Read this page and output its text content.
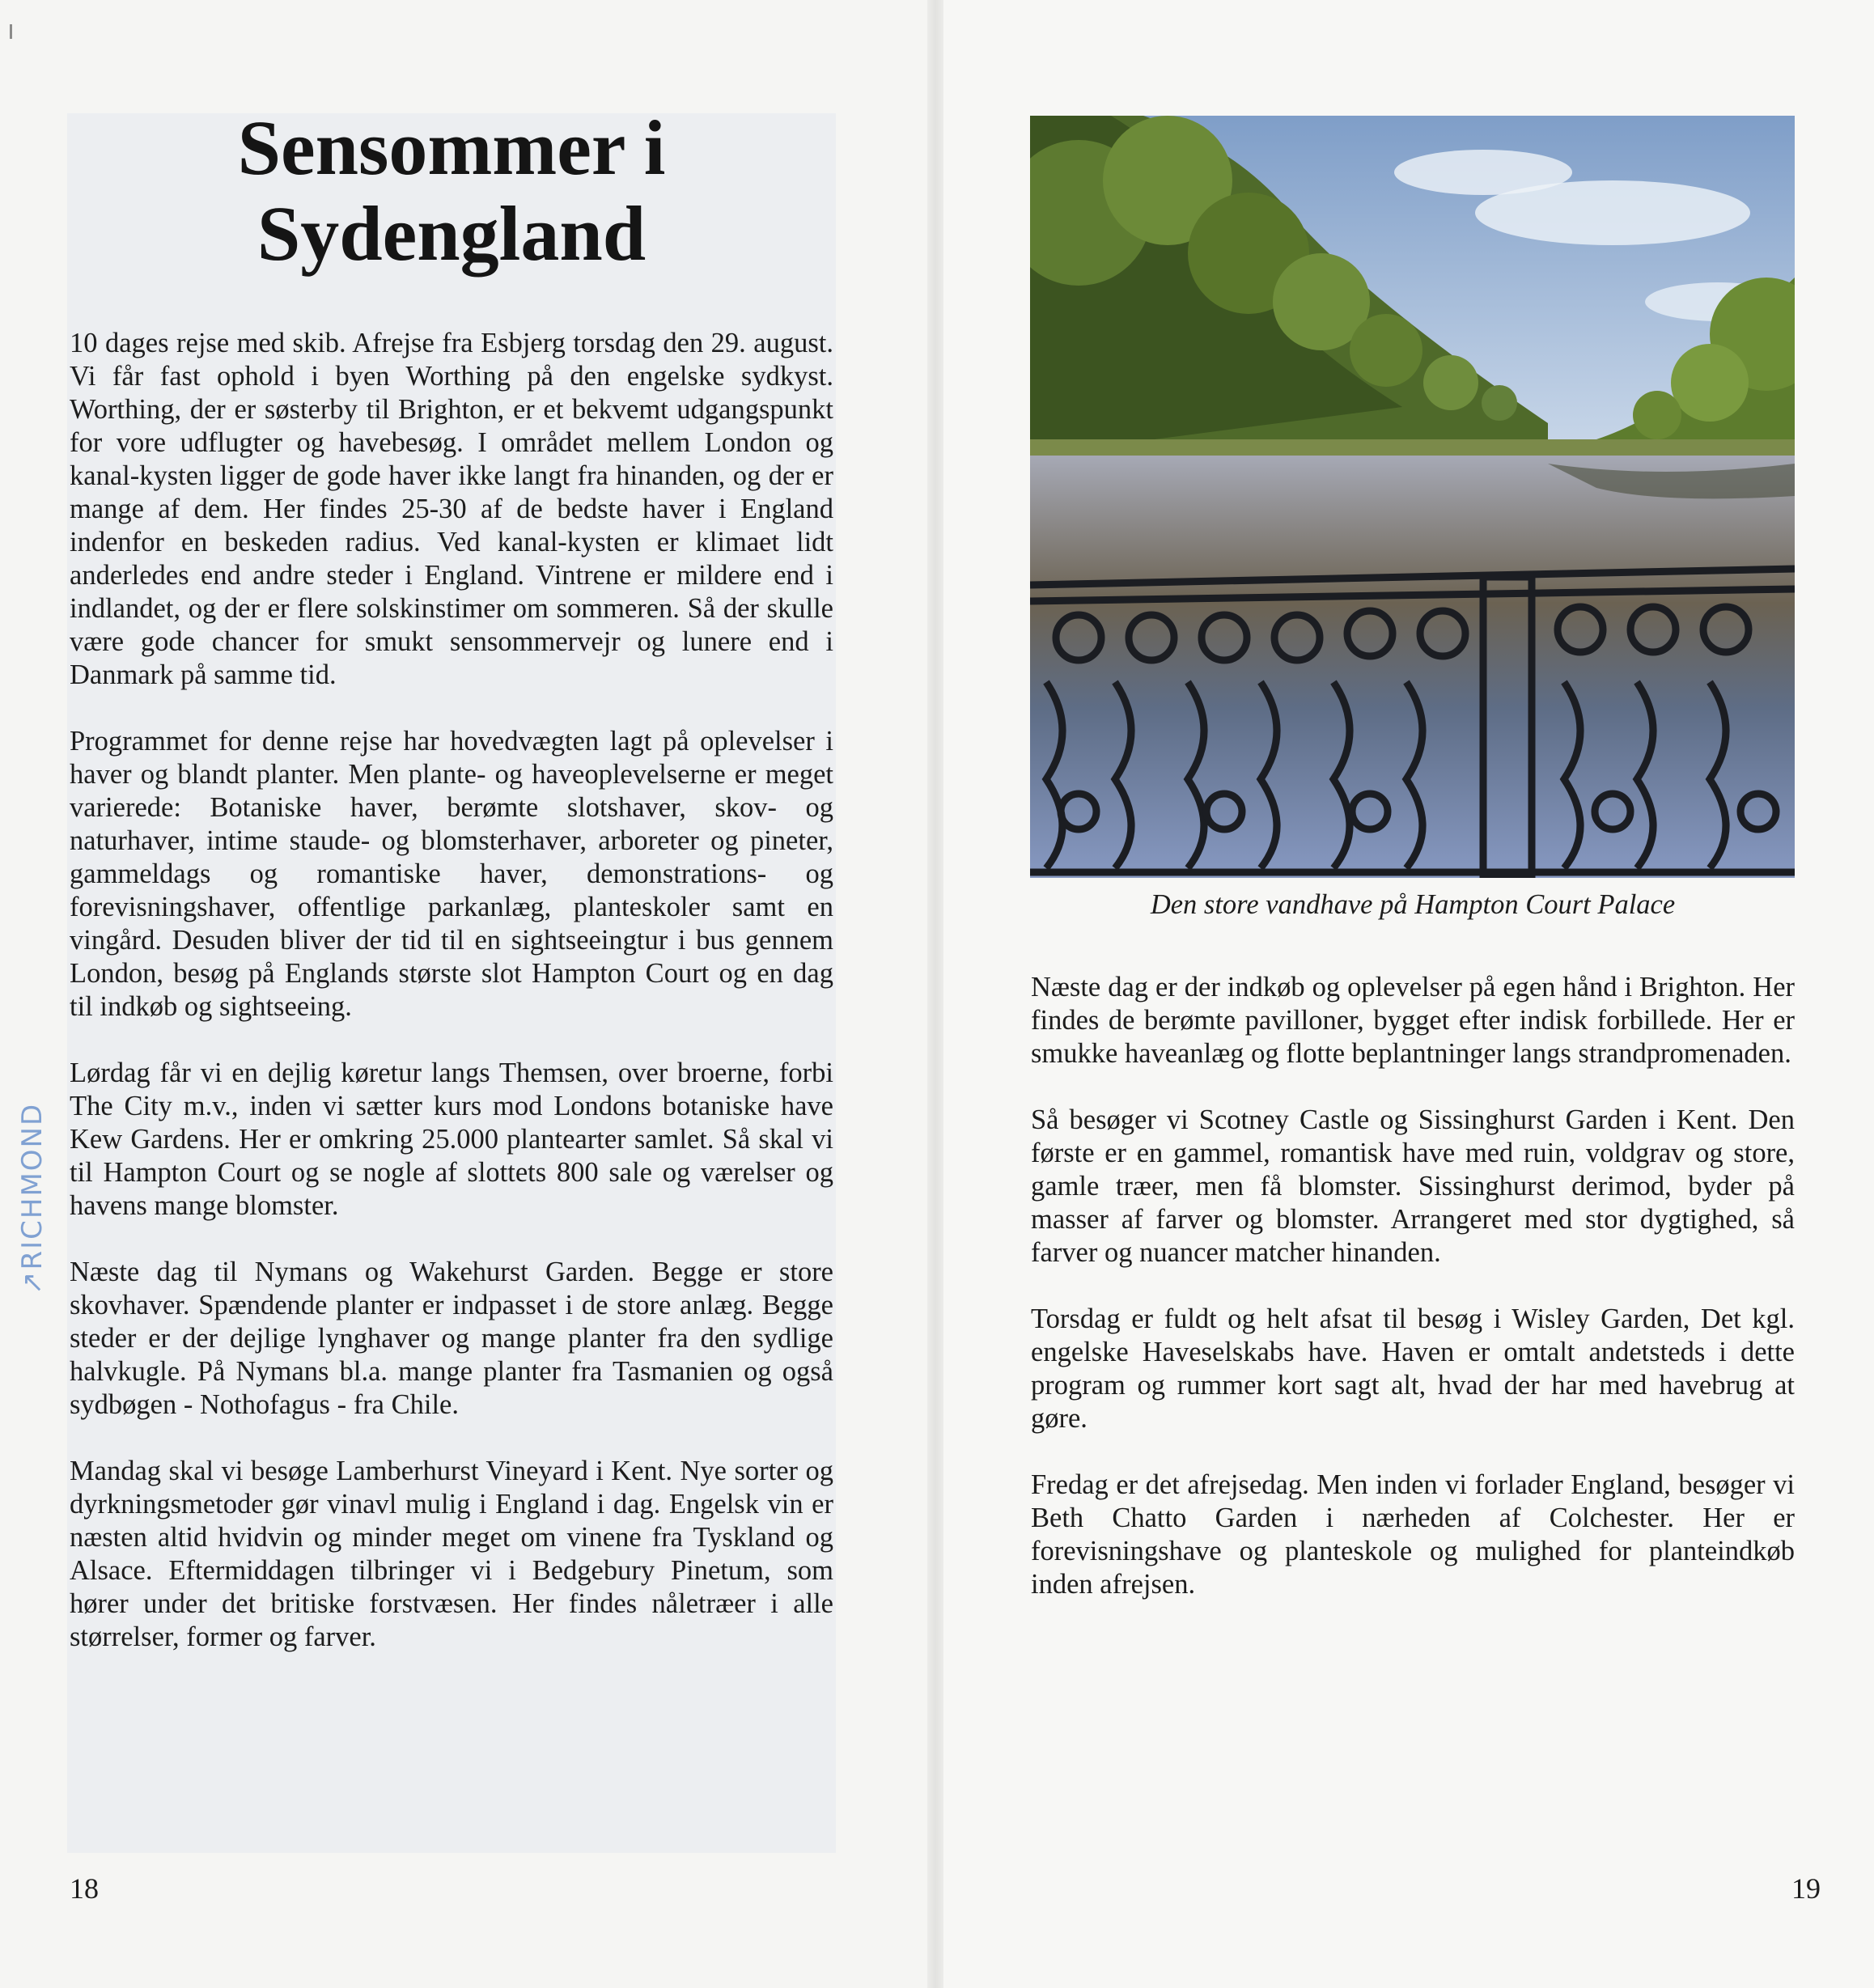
Sensommer i Sydengland

10 dages rejse med skib. Afrejse fra Esbjerg torsdag den 29. august. Vi får fast ophold i byen Worthing på den engelske sydkyst. Worthing, der er søsterby til Brighton, er et bekvemt udgangspunkt for vore udflugter og havebesøg. I området mellem London og kanal-kysten ligger de gode haver ikke langt fra hinanden, og der er mange af dem. Her findes 25-30 af de bedste haver i England indenfor en beskeden radius. Ved kanal-kysten er klimaet lidt anderledes end andre steder i England. Vintrene er mildere end i indlandet, og der er flere solskinstimer om sommeren. Så der skulle være gode chancer for smukt sensommervejr og lunere end i Danmark på samme tid.

Programmet for denne rejse har hovedvægten lagt på oplevelser i haver og blandt planter. Men plante- og haveoplevelserne er meget varierede: Botaniske haver, berømte slotshaver, skov- og naturhaver, intime staude- og blomsterhaver, arboreter og pineter, gammeldags og romantiske haver, demonstrations- og forevisningshaver, offentlige parkanlæg, planteskoler samt en vingård. Desuden bliver der tid til en sightseeingtur i bus gennem London, besøg på Englands største slot Hampton Court og en dag til indkøb og sightseeing.

Lørdag får vi en dejlig køretur langs Themsen, over broerne, forbi The City m.v., inden vi sætter kurs mod Londons botaniske have Kew Gardens. Her er omkring 25.000 plantearter samlet. Så skal vi til Hampton Court og se nogle af slottets 800 sale og værelser og havens mange blomster.

Næste dag til Nymans og Wakehurst Garden. Begge er store skovhaver. Spændende planter er indpasset i de store anlæg. Begge steder er der dejlige lynghaver og mange planter fra den sydlige halvkugle. På Nymans bl.a. mange planter fra Tasmanien og også sydbøgen - Nothofagus - fra Chile.

Mandag skal vi besøge Lamberhurst Vineyard i Kent. Nye sorter og dyrkningsmetoder gør vinavl mulig i England i dag. Engelsk vin er næsten altid hvidvin og minder meget om vinene fra Tyskland og Alsace. Eftermiddagen tilbringer vi i Bedgebury Pinetum, som hører under det britiske forstvæsen. Her findes nåletræer i alle størrelser, former og farver.

↗RICHMOND
18
Den store vandhave på Hampton Court Palace

Næste dag er der indkøb og oplevelser på egen hånd i Brighton. Her findes de berømte pavilloner, bygget efter indisk forbillede. Her er smukke haveanlæg og flotte beplantninger langs strandpromenaden.

Så besøger vi Scotney Castle og Sissinghurst Garden i Kent. Den første er en gammel, romantisk have med ruin, voldgrav og store, gamle træer, men få blomster. Sissinghurst derimod, byder på masser af farver og blomster. Arrangeret med stor dygtighed, så farver og nuancer matcher hinanden.

Torsdag er fuldt og helt afsat til besøg i Wisley Garden, Det kgl. engelske Haveselskabs have. Haven er omtalt andetsteds i dette program og rummer kort sagt alt, hvad der har med havebrug at gøre.

Fredag er det afrejsedag. Men inden vi forlader England, besøger vi Beth Chatto Garden i nærheden af Colchester. Her er forevisningshave og planteskole og mulighed for planteindkøb inden afrejsen.

19
